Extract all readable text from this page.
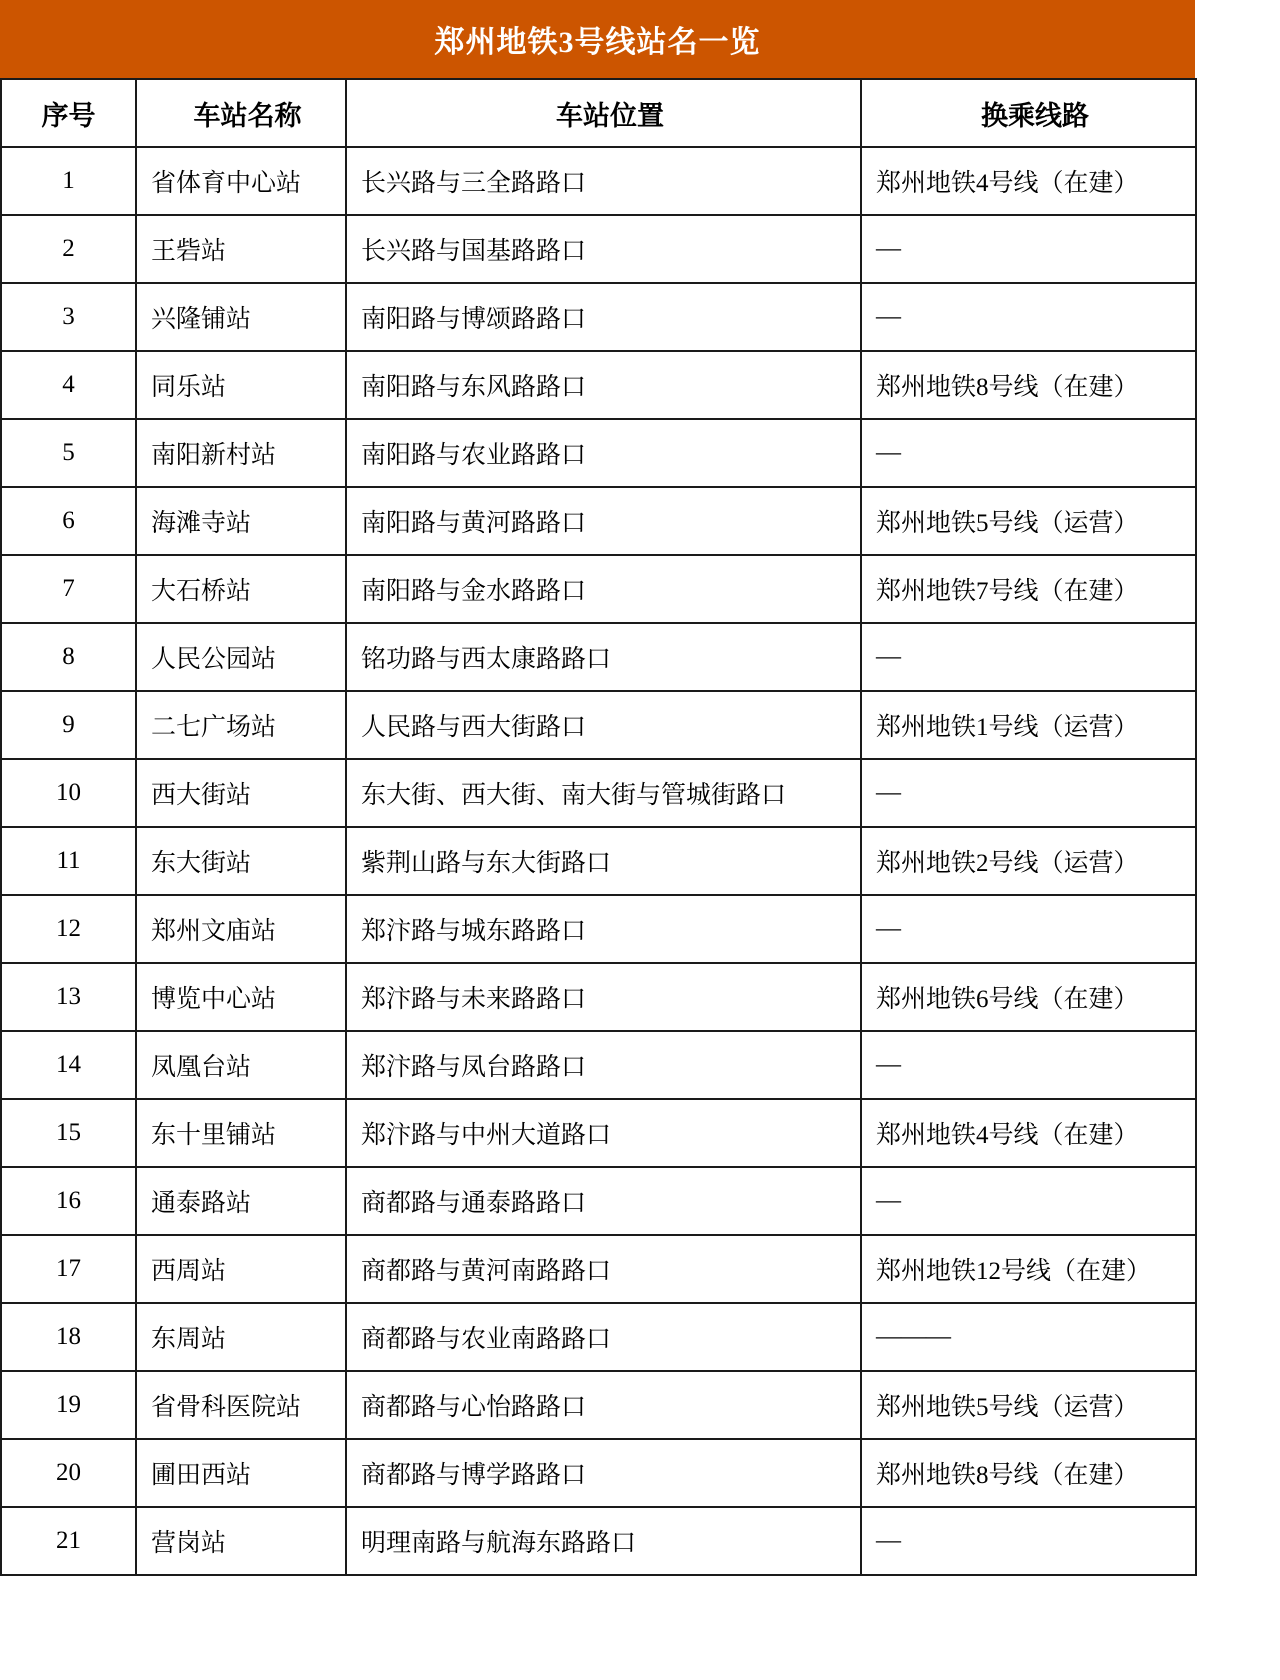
郑州地铁3号线站名一览
序号	车站名称	车站位置	换乘线路
1	省体育中心站	长兴路与三全路路口	郑州地铁4号线（在建）
2	王砦站	长兴路与国基路路口	—
3	兴隆铺站	南阳路与博颂路路口	—
4	同乐站	南阳路与东风路路口	郑州地铁8号线（在建）
5	南阳新村站	南阳路与农业路路口	—
6	海滩寺站	南阳路与黄河路路口	郑州地铁5号线（运营）
7	大石桥站	南阳路与金水路路口	郑州地铁7号线（在建）
8	人民公园站	铭功路与西太康路路口	—
9	二七广场站	人民路与西大街路口	郑州地铁1号线（运营）
10	西大街站	东大街、西大街、南大街与管城街路口	—
11	东大街站	紫荆山路与东大街路口	郑州地铁2号线（运营）
12	郑州文庙站	郑汴路与城东路路口	—
13	博览中心站	郑汴路与未来路路口	郑州地铁6号线（在建）
14	凤凰台站	郑汴路与凤台路路口	—
15	东十里铺站	郑汴路与中州大道路口	郑州地铁4号线（在建）
16	通泰路站	商都路与通泰路路口	—
17	西周站	商都路与黄河南路路口	郑州地铁12号线（在建）
18	东周站	商都路与农业南路路口	———
19	省骨科医院站	商都路与心怡路路口	郑州地铁5号线（运营）
20	圃田西站	商都路与博学路路口	郑州地铁8号线（在建）
21	营岗站	明理南路与航海东路路口	—
